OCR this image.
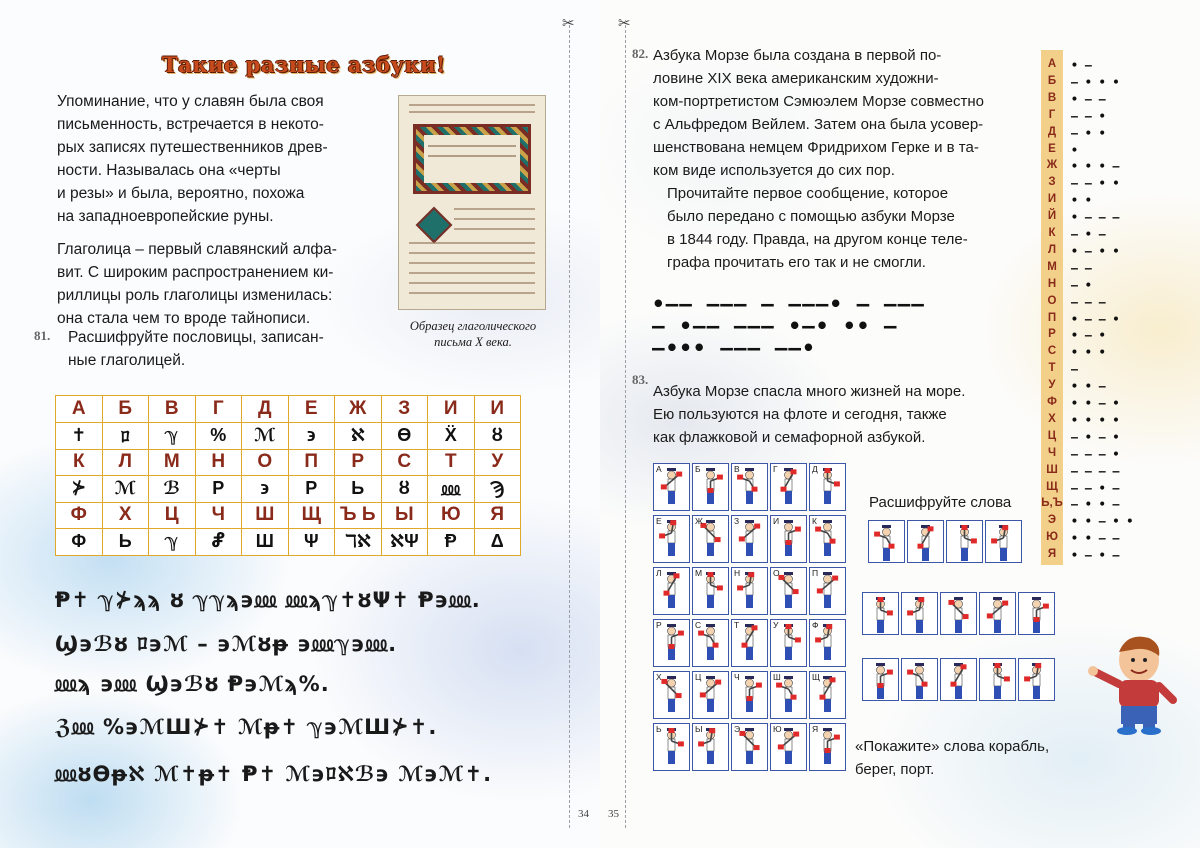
✂
Такие разные азбуки!
Упоминание, что у славян была своя
письменность, встречается в некото-
рых записях путешественников древ-
ности. Называлась она «черты
и резы» и была, вероятно, похожа
на западноевропейские руны.
Глаголица – первый славянский алфа-
вит. С широким распространением ки-
риллицы роль глаголицы изменилась:
она стала чем то вроде тайнописи.
81. Расшифруйте пословицы, записан-
ные глаголицей.
Образец глаголического
письма X века.
А	Б	В	Г	Д	Е	Ж	З	И	И
✝	ﾛ	ℽ	%	ℳ	϶	ℵ	ϴ	Ẍ	ȣ
К	Л	М	Н	О	П	Р	С	Т	У
⊁	ℳ	ℬ	Р	϶	Ρ	Ь	ȣ	⅏	Ϡ
Ф	Х	Ц	Ч	Ш	Щ	Ъ Ь	Ы	Ю	Я
Φ	Ь	ℽ	Ⴥ	Ш	Ψ	ℸℵ	ℵΨ	Ᵽ	Δ
Ᵽ✝ ℽ⊁ϡϡ ȣ ℽℽϡ϶⅏ ⅏ϡℽ✝ȣΨ✝ Ᵽ϶⅏.
Ϣ϶ℬȣ ﾛ϶ℳ – ϶ℳȣᵽ ϶⅏ℽ϶⅏.
⅏ϡ ϶⅏ Ϣ϶ℬȣ Ᵽ϶ℳϡ%.
ℨ⅏ %϶ℳШ⊁✝ ℳᵽ✝ ℽ϶ℳШ⊁✝.
⅏ȣϴᵽℵ ℳ✝ᵽ✝ Ᵽ✝ ℳ϶ﾛℵℬ϶ ℳ϶ℳ✝.
34
✂
82. Азбука Морзе была создана в первой по-
ловине XIX века американским художни-
ком-портретистом Сэмюэлем Морзе совместно
с Альфредом Вейлем. Затем она была усовер-
шенствована немцем Фридрихом Герке и в та-
ком виде используется до сих пор.
Прочитайте первое сообщение, которое
было передано с помощью азбуки Морзе
в 1844 году. Правда, на другом конце теле-
графа прочитать его так и не смогли.
•—— ——— — ———• — ———
— •—— ——— •—• •• —
—••• ——— ——•
83.
Азбука Морзе спасла много жизней на море.
Ею пользуются на флоте и сегодня, также
как флажковой и семафорной азбукой.
А	• —
Б	— • • •
В	• — —
Г	— — •
Д	— • •
Е	•
Ж	• • • —
З	— — • •
И	• •
Й	• — — —
К	— • —
Л	• — • •
М	— —
Н	— •
О	— — —
П	• — — •
Р	• — •
С	• • •
Т	—
У	• • —
Ф	• • — •
Х	• • • •
Ц	— • — •
Ч	— — — •
Ш	— — — —
Щ	— — • —
Ь,Ъ — • • —
Э	• • — • •
Ю	• • — —
Я	• — • —
А	Б	В	Г	Д
Е	Ж	З	И	К
Л	М	Н	О	П
Р	С	Т	У	Ф
Х	Ц	Ч	Ш	Щ
Ь	Ы	Э	Ю	Я
Расшифруйте слова
«Покажите» слова корабль,
берег, порт.
35
